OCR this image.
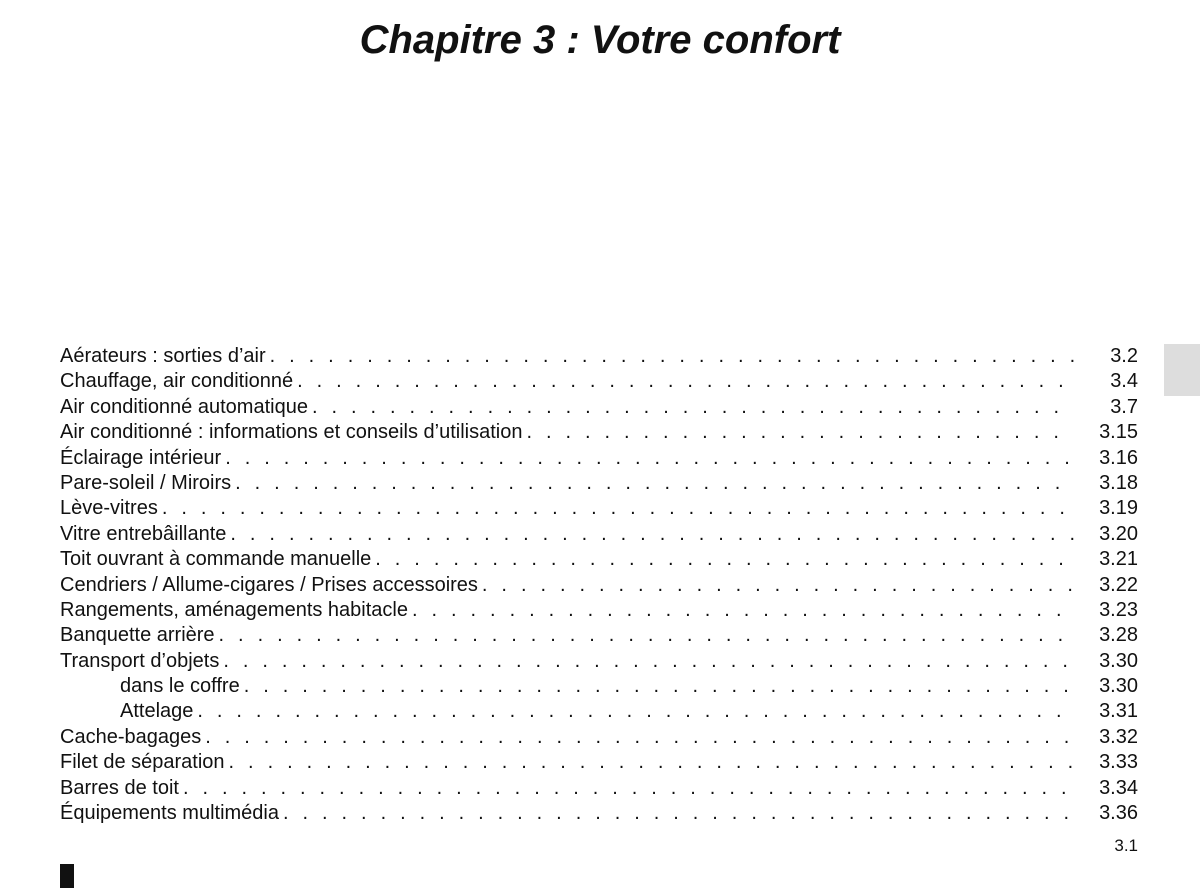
Chapitre 3 : Votre confort
Aérateurs : sorties d’air . . .	3.2
Chauffage, air conditionné . . .	3.4
Air conditionné automatique . . .	3.7
Air conditionné : informations et conseils d’utilisation . . .	3.15
Éclairage intérieur . . .	3.16
Pare-soleil / Miroirs . . .	3.18
Lève-vitres . . .	3.19
Vitre entrebâillante . . .	3.20
Toit ouvrant à commande manuelle . . .	3.21
Cendriers / Allume-cigares / Prises accessoires . . .	3.22
Rangements, aménagements habitacle . . .	3.23
Banquette arrière . . .	3.28
Transport d’objets . . .	3.30
dans le coffre . . .	3.30
Attelage . . .	3.31
Cache-bagages . . .	3.32
Filet de séparation . . .	3.33
Barres de toit . . .	3.34
Équipements multimédia . . .	3.36
3.1
